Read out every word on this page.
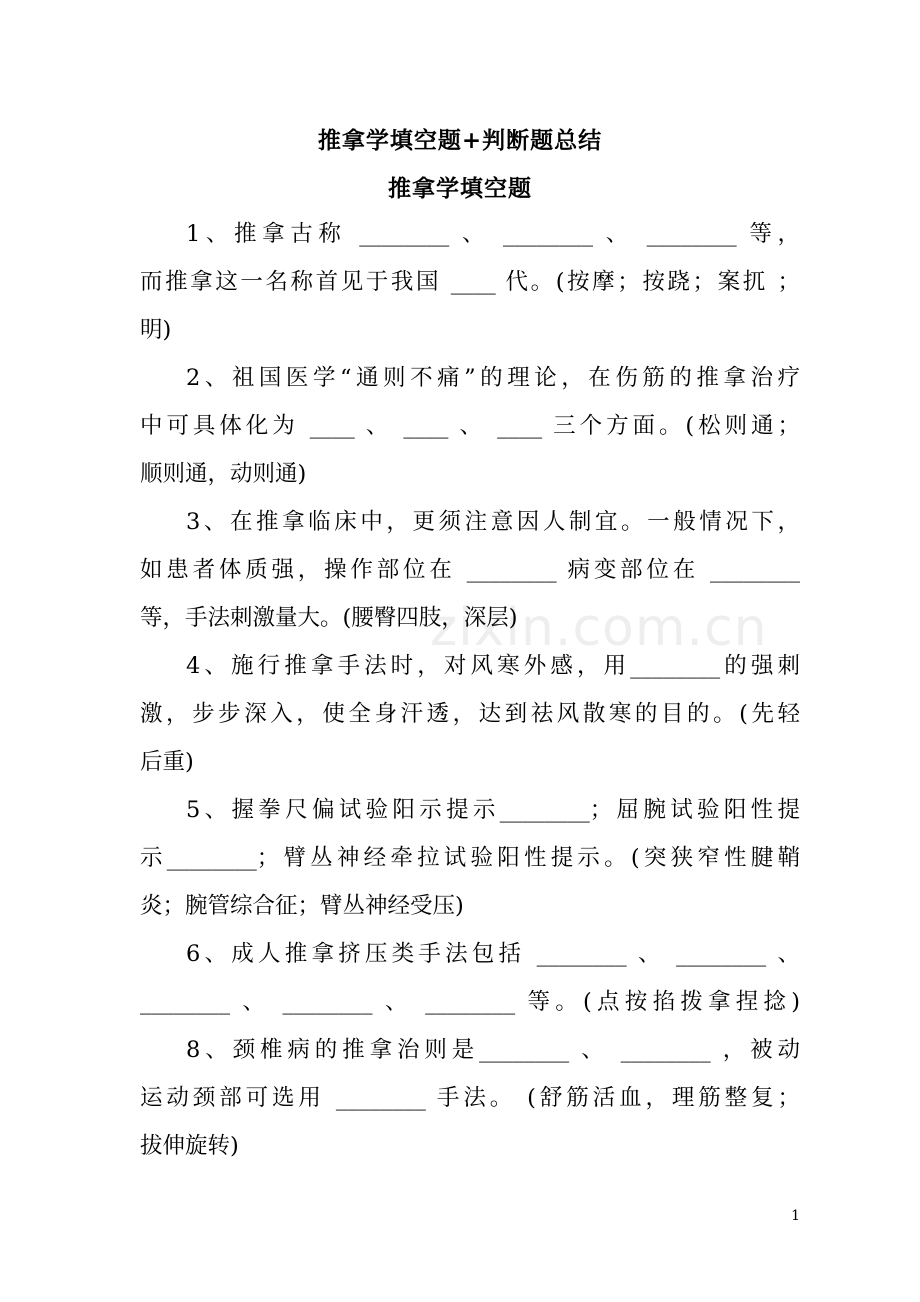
zixin.com.cn
推拿学填空题+判断题总结
推拿学填空题
1、推拿古称 ________ 、 ________ 、 ________ 等，
而推拿这一名称首见于我国 ____ 代。(按摩；按跷；案扤 ；
明)
2、祖国医学“通则不痛”的理论，在伤筋的推拿治疗
中可具体化为 ____ 、 ____ 、 ____ 三个方面。(松则通；
顺则通，动则通)
3、在推拿临床中，更须注意因人制宜。一般情况下，
如患者体质强，操作部位在 ________ 病变部位在 ________
等，手法刺激量大。(腰臀四肢，深层)
4、施行推拿手法时，对风寒外感，用________的强刺
激，步步深入，使全身汗透，达到祛风散寒的目的。(先轻
后重)
5、握拳尺偏试验阳示提示________；屈腕试验阳性提
示________；臂丛神经牵拉试验阳性提示。(突狭窄性腱鞘
炎；腕管综合征；臂丛神经受压)
6、成人推拿挤压类手法包括 ________ 、 ________ 、
________ 、 ________ 、 ________ 等。(点按掐拨拿捏捻)
8、颈椎病的推拿治则是________ 、 ________ ，被动
运动颈部可选用 ________ 手法。 (舒筋活血，理筋整复；
拔伸旋转)
1
